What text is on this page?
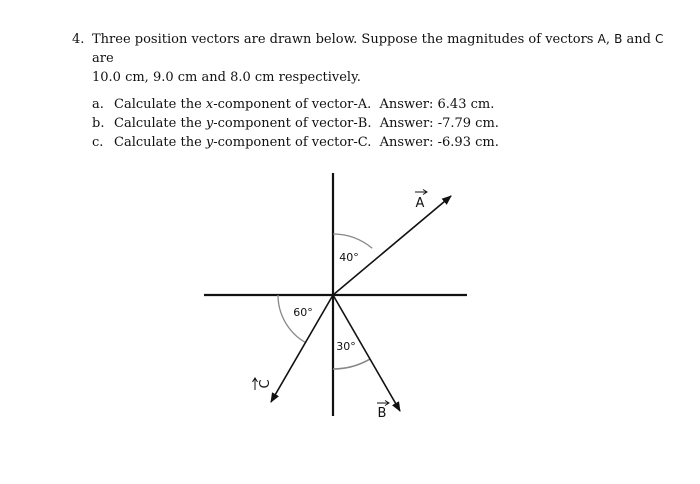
4. Three position vectors are drawn below. Suppose the magnitudes of vectors A, B and C are
10.0 cm, 9.0 cm and 8.0 cm respectively.
a. Calculate the x-component of vector-A. Answer: 6.43 cm.
b. Calculate the y-component of vector-B. Answer: -7.79 cm.
c. Calculate the y-component of vector-C. Answer: -6.93 cm.
40°
30°
60°
A
B
C
